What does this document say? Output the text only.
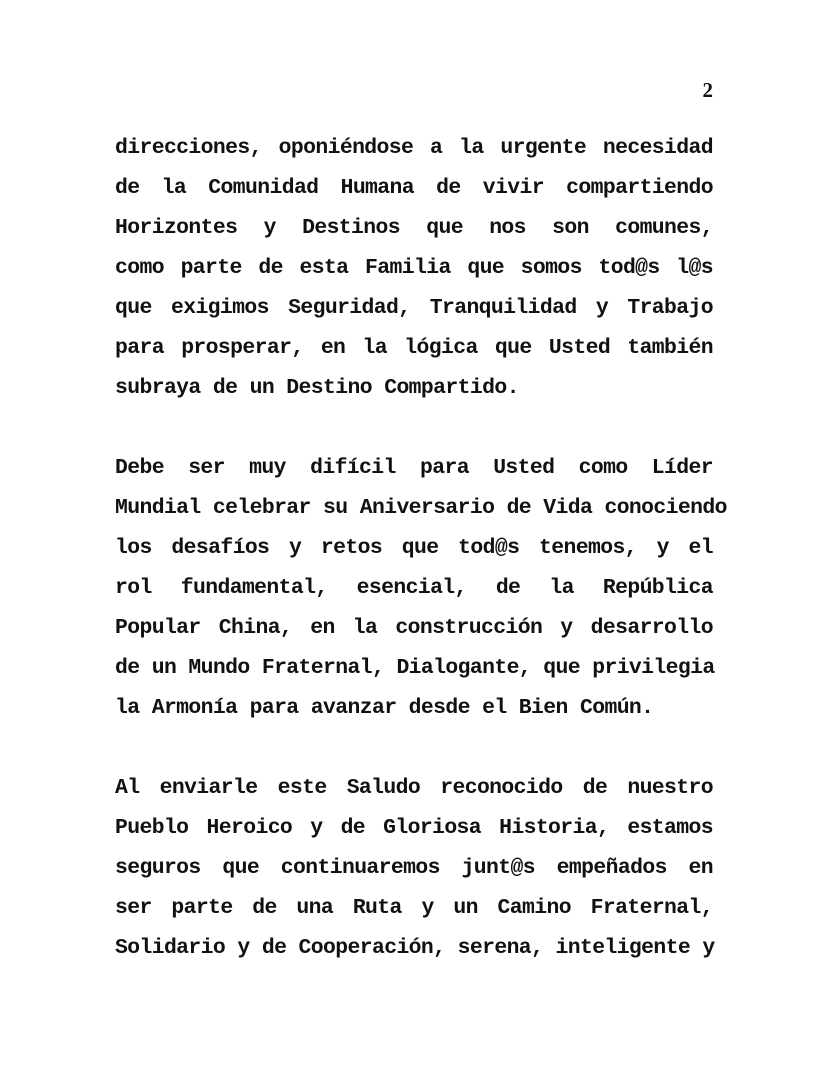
2
direcciones, oponiéndose a la urgente necesidad
de la Comunidad Humana de vivir compartiendo
Horizontes y Destinos que nos son comunes,
como parte de esta Familia que somos tod@s l@s
que exigimos Seguridad, Tranquilidad y Trabajo
para prosperar, en la lógica que Usted también
subraya de un Destino Compartido.
Debe ser muy difícil para Usted como Líder
Mundial celebrar su Aniversario de Vida conociendo
los desafíos y retos que tod@s tenemos, y el
rol fundamental, esencial, de la República
Popular China, en la construcción y desarrollo
de un Mundo Fraternal, Dialogante, que privilegia
la Armonía para avanzar desde el Bien Común.
Al enviarle este Saludo reconocido de nuestro
Pueblo Heroico y de Gloriosa Historia, estamos
seguros que continuaremos junt@s empeñados en
ser parte de una Ruta y un Camino Fraternal,
Solidario y de Cooperación, serena, inteligente y
